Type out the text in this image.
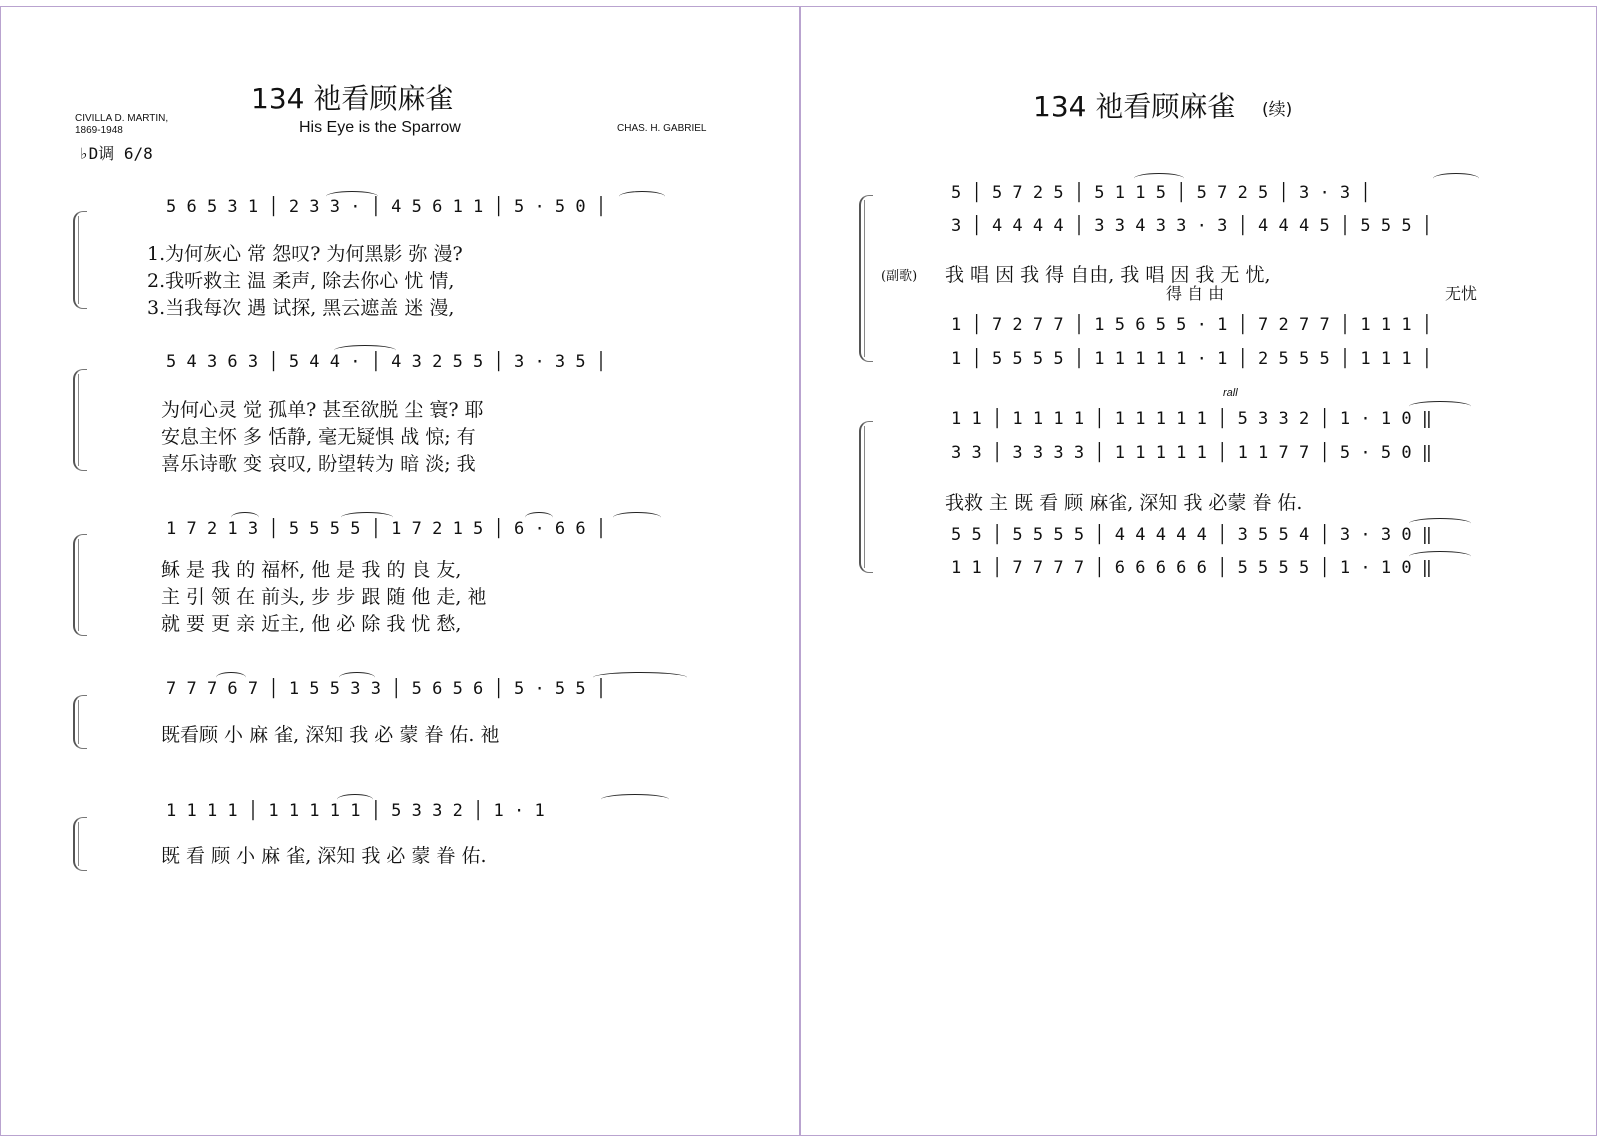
134 祂看顾麻雀
CIVILLA D. MARTIN,
1869-1948	His Eye is the Sparrow	CHAS. H. GABRIEL
♭D调 6/8
5 6 5 3 1 │ 2 3 3 · │ 4 5 6 1 1 │ 5 · 5 0 │
1.为何灰心 常 怨叹? 为何黑影 弥 漫?
2.我听救主 温 柔声, 除去你心 忧 情,
3.当我每次 遇 试探, 黑云遮盖 迷 漫,
5 4 3 6 3 │ 5 4 4 · │ 4 3 2 5 5 │ 3 · 3 5 │
为何心灵 觉 孤单? 甚至欲脱 尘 寰? 耶
安息主怀 多 恬静, 毫无疑惧 战 惊; 有
喜乐诗歌 变 哀叹, 盼望转为 暗 淡; 我
1 7 2 1 3 │ 5 5 5 5 │ 1 7 2 1 5 │ 6 · 6 6 │
稣 是 我 的 福杯, 他 是 我 的 良 友,
主 引 领 在 前头, 步 步 跟 随 他 走, 祂
就 要 更 亲 近主, 他 必 除 我 忧 愁,
7 7 7 6 7 │ 1 5 5 3 3 │ 5 6 5 6 │ 5 · 5 5 │
既看顾 小 麻 雀, 深知 我 必 蒙 眷 佑. 祂
1 1 1 1 │ 1 1 1 1 1 │ 5 3 3 2 │ 1 · 1
既 看 顾 小 麻 雀, 深知 我 必 蒙 眷 佑.
134 祂看顾麻雀 (续)
5 │ 5 7 2 5 │ 5 1 1 5 │ 5 7 2 5 │ 3 · 3 │
3 │ 4 4 4 4 │ 3 3 4 3 3 · 3 │ 4 4 4 5 │ 5 5 5 │
(副歌) 我 唱 因 我 得 自由, 我 唱 因 我 无 忧,
得 自 由	无忧
1 │ 7 2 7 7 │ 1 5 6 5 5 · 1 │ 7 2 7 7 │ 1 1 1 │
1 │ 5 5 5 5 │ 1 1 1 1 1 · 1 │ 2 5 5 5 │ 1 1 1 │
rall
1 1 │ 1 1 1 1 │ 1 1 1 1 1 │ 5 3 3 2 │ 1 · 1 0 ‖
3 3 │ 3 3 3 3 │ 1 1 1 1 1 │ 1 1 7 7 │ 5 · 5 0 ‖
我救 主 既 看 顾 麻雀, 深知 我 必蒙 眷 佑.
5 5 │ 5 5 5 5 │ 4 4 4 4 4 │ 3 5 5 4 │ 3 · 3 0 ‖
1 1 │ 7 7 7 7 │ 6 6 6 6 6 │ 5 5 5 5 │ 1 · 1 0 ‖
